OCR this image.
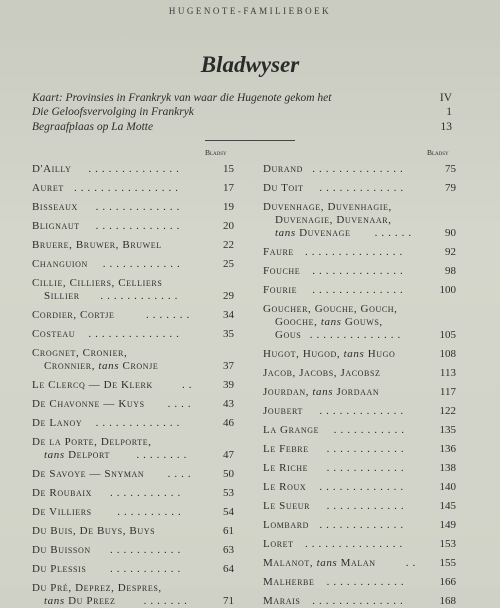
HUGENOTE-FAMILIEBOEK
Bladwyser
Kaart: Provinsies in Frankryk van waar die Hugenote gekom het	IV
Die Geloofsvervolging in Frankryk	1
Begraafplaas op La Motte	13
Bladsy	Bladsy
D'Ailly ..............	15
Auret ................	17
Bisseaux .............	19
Blignaut .............	20
Bruere, Bruwer, Bruwel	22
Changuion ............	25
Cillie, Cilliers, Celliers
Sillier ............	29
Cordier, Cortje	.......	34
Costeau ..............	35
Crognet, Cronier,
Cronnier, tans Cronje	37
Le Clercq — De Klerk	..	39
De Chavonne — Kuys ....	43
De Lanoy .............	46
De la Porte, Delporte,
tans Delport ........	47
De Savoye — Snyman ....	50
De Roubaix ...........	53
De Villiers ..........	54
Du Buis, De Buys, Buys	61
Du Buisson ...........	63
Du Plessis ...........	64
Du Pré, Deprez, Despres,
tans Du Preez	.......	71
Durand ..............	75
Du Toit .............	79
Duvenhage, Duvenhagie,
Duvenagie, Duvenaar,
tans Duvenage ......	90
Faure ...............	92
Fouche ..............	98
Fourie ..............	100
Goucher, Gouche, Gouch,
Gooche, tans Gouws,
Gous ..............	105
Hugot, Hugod, tans Hugo	108
Jacob, Jacobs, Jacobsz	113
Jourdan, tans Jordaan	117
Joubert .............	122
La Grange ...........	135
Le Febre ............	136
Le Riche ............	138
Le Roux .............	140
Le Sueur ............	145
Lombard .............	149
Loret ...............	153
Malanot, tans Malan	..	155
Malherbe ............	166
Marais ..............	168
